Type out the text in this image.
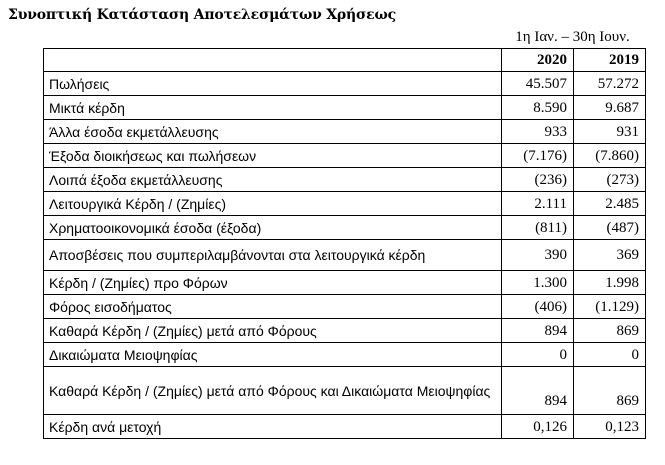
Συνοπτική Κατάσταση Αποτελεσμάτων Χρήσεως
1η Ιαν. – 30η Ιουν.
	2020	2019
Πωλήσεις	45.507	57.272
Μικτά κέρδη	8.590	9.687
Άλλα έσοδα εκμετάλλευσης	933	931
Έξοδα διοικήσεως και πωλήσεων	(7.176)	(7.860)
Λοιπά έξοδα εκμετάλλευσης	(236)	(273)
Λειτουργικά Κέρδη / (Ζημίες)	2.111	2.485
Χρηματοοικονομικά έσοδα (έξοδα)	(811)	(487)
Αποσβέσεις που συμπεριλαμβάνονται στα λειτουργικά κέρδη	390	369
Κέρδη / (Ζημίες) προ Φόρων	1.300	1.998
Φόρος εισοδήματος	(406)	(1.129)
Καθαρά Κέρδη / (Ζημίες) μετά από Φόρους	894	869
Δικαιώματα Μειοψηφίας	0	0
Καθαρά Κέρδη / (Ζημίες) μετά από Φόρους και Δικαιώματα Μειοψηφίας	894	869
Κέρδη ανά μετοχή	0,126	0,123
